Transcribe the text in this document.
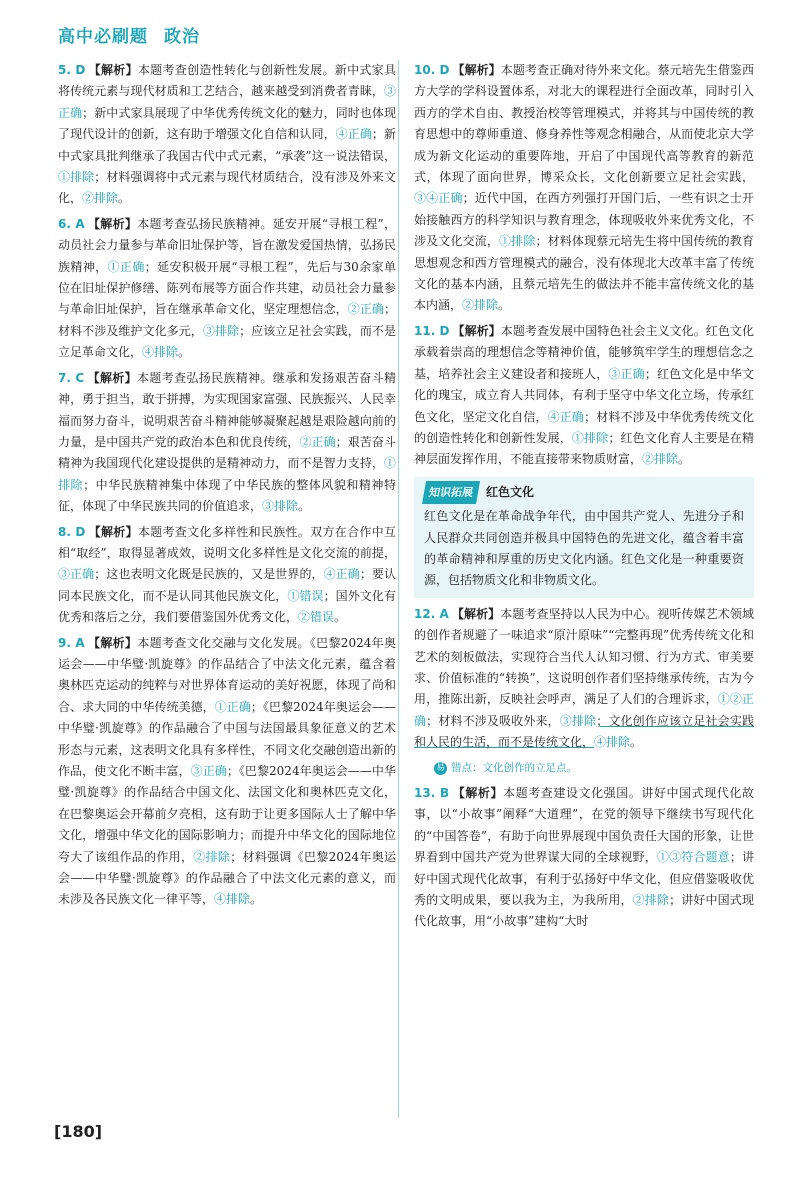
高中必刷题 政治
5. D 【解析】本题考查创造性转化与创新性发展。新中式家具将传统元素与现代材质和工艺结合，越来越受到消费者青睐，③正确；新中式家具展现了中华优秀传统文化的魅力，同时也体现了现代设计的创新，这有助于增强文化自信和认同，④正确；新中式家具批判继承了我国古代中式元素，“承袭”这一说法错误，①排除；材料强调将中式元素与现代材质结合，没有涉及外来文化，②排除。
6. A 【解析】本题考查弘扬民族精神。延安开展“寻根工程”，动员社会力量参与革命旧址保护等，旨在激发爱国热情，弘扬民族精神，①正确；延安积极开展“寻根工程”，先后与30余家单位在旧址保护修缮、陈列布展等方面合作共建，动员社会力量参与革命旧址保护，旨在继承革命文化，坚定理想信念，②正确；材料不涉及维护文化多元，③排除；应该立足社会实践，而不是立足革命文化，④排除。
7. C 【解析】本题考查弘扬民族精神。继承和发扬艰苦奋斗精神，勇于担当，敢于拼搏，为实现国家富强、民族振兴、人民幸福而努力奋斗，说明艰苦奋斗精神能够凝聚起越是艰险越向前的力量，是中国共产党的政治本色和优良传统，②正确；艰苦奋斗精神为我国现代化建设提供的是精神动力，而不是智力支持，①排除；中华民族精神集中体现了中华民族的整体风貌和精神特征，体现了中华民族共同的价值追求，③排除。
8. D 【解析】本题考查文化多样性和民族性。双方在合作中互相“取经”，取得显著成效，说明文化多样性是文化交流的前提，③正确；这也表明文化既是民族的，又是世界的，④正确；要认同本民族文化，而不是认同其他民族文化，①错误；国外文化有优秀和落后之分，我们要借鉴国外优秀文化，②错误。
9. A 【解析】本题考查文化交融与文化发展。《巴黎2024年奥运会——中华璧·凯旋尊》的作品结合了中法文化元素，蕴含着奥林匹克运动的纯粹与对世界体育运动的美好祝愿，体现了尚和合、求大同的中华传统美德，①正确；《巴黎2024年奥运会——中华璧·凯旋尊》的作品融合了中国与法国最具象征意义的艺术形态与元素，这表明文化具有多样性，不同文化交融创造出新的作品，使文化不断丰富，③正确；《巴黎2024年奥运会——中华璧·凯旋尊》的作品结合中国文化、法国文化和奥林匹克文化，在巴黎奥运会开幕前夕亮相，这有助于让更多国际人士了解中华文化，增强中华文化的国际影响力；而提升中华文化的国际地位夸大了该组作品的作用，②排除；材料强调《巴黎2024年奥运会——中华璧·凯旋尊》的作品融合了中法文化元素的意义，而未涉及各民族文化一律平等，④排除。
10. D 【解析】本题考查正确对待外来文化。蔡元培先生借鉴西方大学的学科设置体系，对北大的课程进行全面改革，同时引入西方的学术自由、教授治校等管理模式，并将其与中国传统的教育思想中的尊师重道、修身养性等观念相融合，从而使北京大学成为新文化运动的重要阵地，开启了中国现代高等教育的新范式，体现了面向世界，博采众长，文化创新要立足社会实践，③④正确；近代中国，在西方列强打开国门后，一些有识之士开始接触西方的科学知识与教育理念，体现吸收外来优秀文化，不涉及文化交流，①排除；材料体现蔡元培先生将中国传统的教育思想观念和西方管理模式的融合，没有体现北大改革丰富了传统文化的基本内涵，且蔡元培先生的做法并不能丰富传统文化的基本内涵，②排除。
11. D 【解析】本题考查发展中国特色社会主义文化。红色文化承载着崇高的理想信念等精神价值，能够筑牢学生的理想信念之基，培养社会主义建设者和接班人，③正确；红色文化是中华文化的瑰宝，成立育人共同体，有利于坚守中华文化立场，传承红色文化，坚定文化自信，④正确；材料不涉及中华优秀传统文化的创造性转化和创新性发展，①排除；红色文化育人主要是在精神层面发挥作用，不能直接带来物质财富，②排除。
知识拓展 红色文化
红色文化是在革命战争年代，由中国共产党人、先进分子和人民群众共同创造并极具中国特色的先进文化，蕴含着丰富的革命精神和厚重的历史文化内涵。红色文化是一种重要资源，包括物质文化和非物质文化。
12. A 【解析】本题考查坚持以人民为中心。视听传媒艺术领域的创作者规避了一味追求“原汁原味”“完整再现”优秀传统文化和艺术的刻板做法，实现符合当代人认知习惯、行为方式、审美要求、价值标准的“转换”，这说明创作者们坚持继承传统，古为今用，推陈出新，反映社会呼声，满足了人们的合理诉求，①②正确；材料不涉及吸收外来，③排除；文化创作应该立足社会实践和人民的生活，而不是传统文化，④排除。
易 错点：文化创作的立足点。
13. B 【解析】本题考查建设文化强国。讲好中国式现代化故事，以“小故事”阐释“大道理”，在党的领导下继续书写现代化的“中国答卷”，有助于向世界展现中国负责任大国的形象，让世界看到中国共产党为世界谋大同的全球视野，①③符合题意；讲好中国式现代化故事，有利于弘扬好中华文化，但应借鉴吸收优秀的文明成果，要以我为主，为我所用，②排除；讲好中国式现代化故事，用“小故事”建构“大时
[180]
